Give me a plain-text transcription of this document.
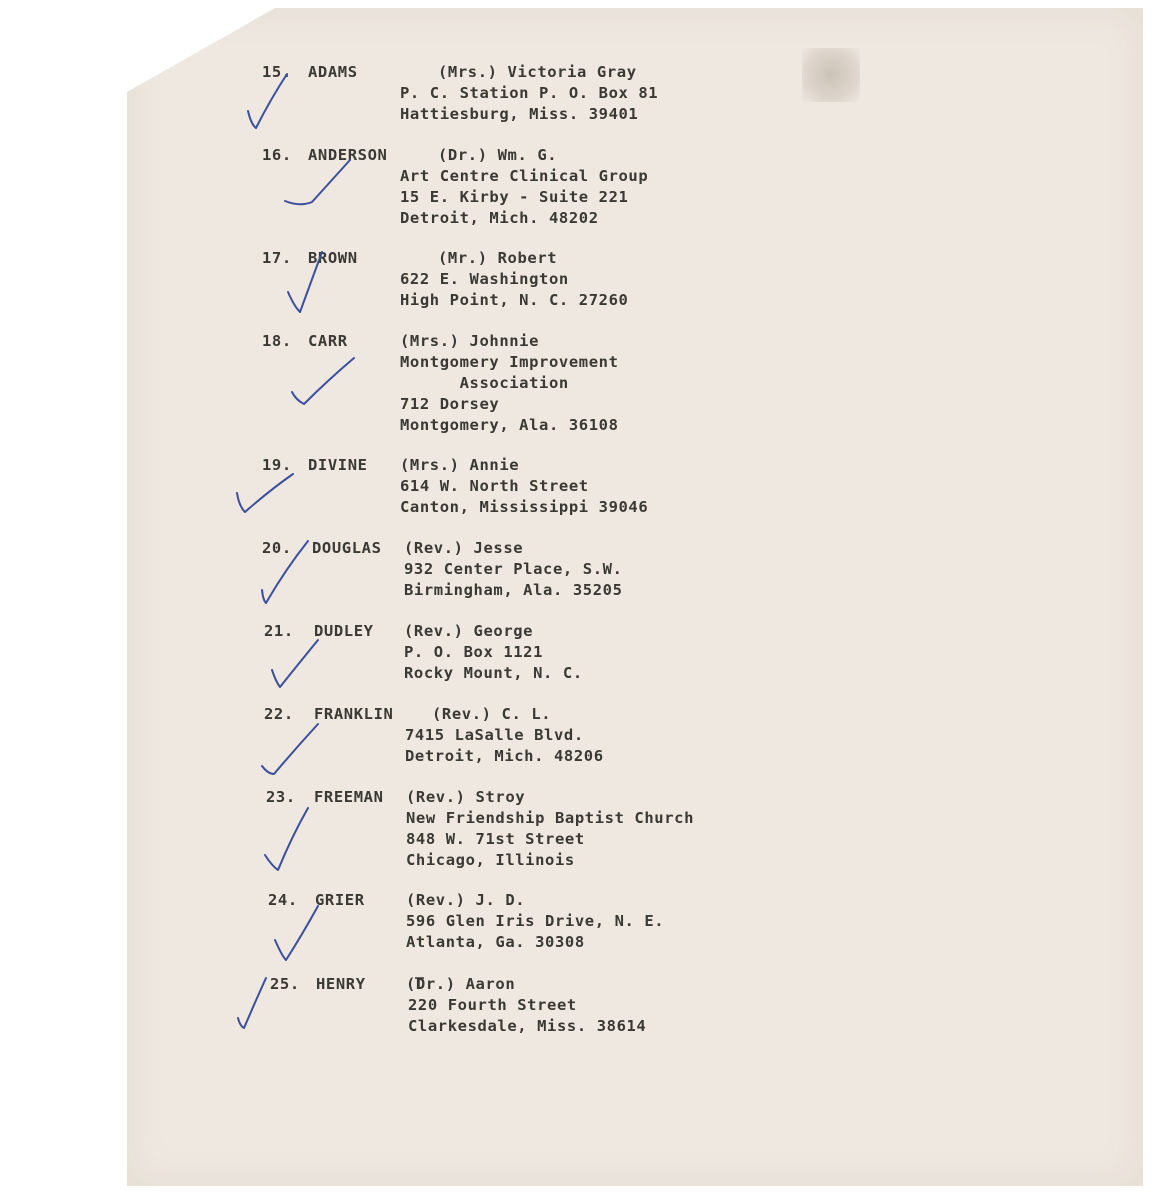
15. ADAMS	(Mrs.) Victoria Gray
P. C. Station P. O. Box 81
Hattiesburg, Miss. 39401
16. ANDERSON	(Dr.) Wm. G.
Art Centre Clinical Group
15 E. Kirby - Suite 221
Detroit, Mich. 48202
17. BROWN	(Mr.) Robert
622 E. Washington
High Point, N. C. 27260
18. CARR	(Mrs.) Johnnie
Montgomery Improvement
Association
712 Dorsey
Montgomery, Ala. 36108
19. DIVINE (Mrs.) Annie
614 W. North Street
Canton, Mississippi 39046
20. DOUGLAS (Rev.) Jesse
932 Center Place, S.W.
Birmingham, Ala. 35205
21. DUDLEY (Rev.) George
P. O. Box 1121
Rocky Mount, N. C.
22. FRANKLIN (Rev.) C. L.
7415 LaSalle Blvd.
Detroit, Mich. 48206
23. FREEMAN (Rev.) Stroy
New Friendship Baptist Church
848 W. 71st Street
Chicago, Illinois
24. GRIER	(Rev.) J. D.
596 Glen Iris Drive, N. E.
Atlanta, Ga. 30308
25. HENRY	(Dr.) Aaron
220 Fourth Street
Clarkesdale, Miss. 38614
